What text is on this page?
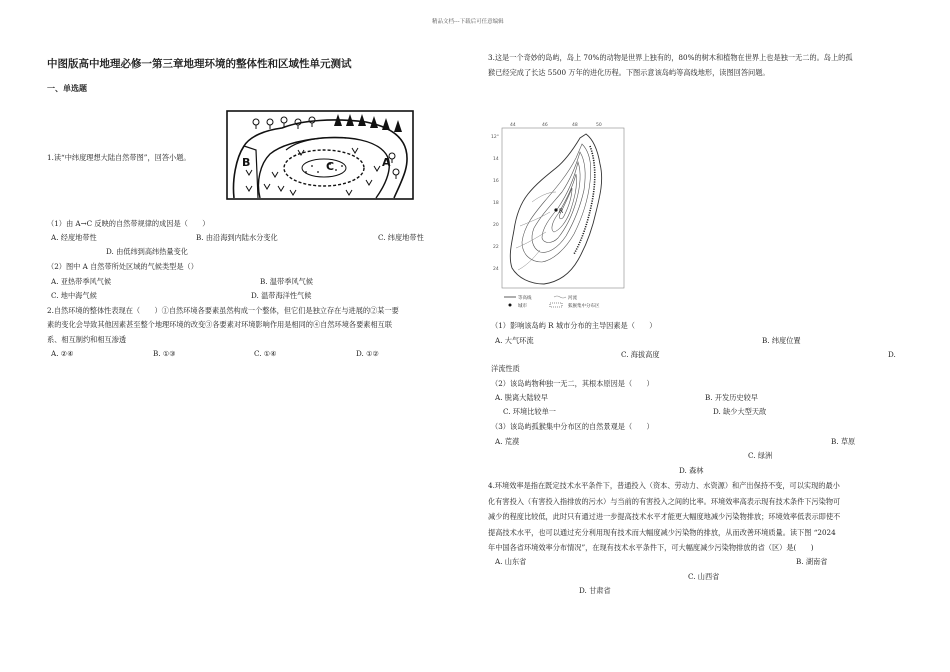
精品文档---下载后可任意编辑
中图版高中地理必修一第三章地理环境的整体性和区域性单元测试
一、单选题
B	C	A
1.读“中纬度理想大陆自然带图”，回答小题。
（1）由 A→C 反映的自然带规律的成因是（　　）
A. 经度地带性	B. 由沿海到内陆水分变化	C. 纬度地带性
D. 由低纬到高纬热量变化
（2）图中 A 自然带所处区域的气候类型是（）
A. 亚热带季风气候	B. 温带季风气候
C. 地中海气候	D. 温带海洋性气候
2.自然环境的整体性表现在（　　）①自然环境各要素虽然构成一个整体，但它们是独立存在与进展的②某一要
素的变化会导致其他因素甚至整个地理环境的改变③各要素对环境影响作用是相同的④自然环境各要素相互联
系、相互制约和相互渗透
A. ②④	B. ①③	C. ①④	D. ①②
3.这是一个奇妙的岛屿，岛上 70%的动物是世界上独有的，80%的树木和植物在世界上也是独一无二的。岛上的孤
猴已经完成了长达 5500 万年的进化历程。下图示意该岛屿等高线地形，读图回答问题。
44	46	48	50
12°
14
16
18
20
22
24
R
等高线	河流
城市	狐猴集中分布区
（1）影响该岛屿 R 城市分布的主导因素是（　　）
A. 大气环流	B. 纬度位置
C. 海拔高度	D.
洋流性质
（2）该岛屿物种独一无二，其根本原因是（　　）
A. 脱离大陆较早	B. 开发历史较早
C. 环境比较单一	D. 缺少大型天敌
（3）该岛屿孤猴集中分布区的自然景观是（　　）
A. 荒漠	B. 草原
C. 绿洲
D. 森林
4.环境效率是指在既定技术水平条件下，普通投入（资本、劳动力、水资源）和产出保持不变，可以实现的最小
化有害投入（有害投入指排放的污水）与当前的有害投入之间的比率。环境效率高表示现有技术条件下污染物可
减少的程度比较低，此时只有通过进一步提高技术水平才能更大幅度地减少污染物排放；环境效率低表示即使不
提高技术水平，也可以通过充分利用现有技术而大幅度减少污染物的排放，从而改善环境质量。读下图 “2024
年中国各省环境效率分布情况”，在现有技术水平条件下，可大幅度减少污染物排放的省（区）是(　　)
A. 山东省	B. 湖南省
C. 山西省
D. 甘肃省
